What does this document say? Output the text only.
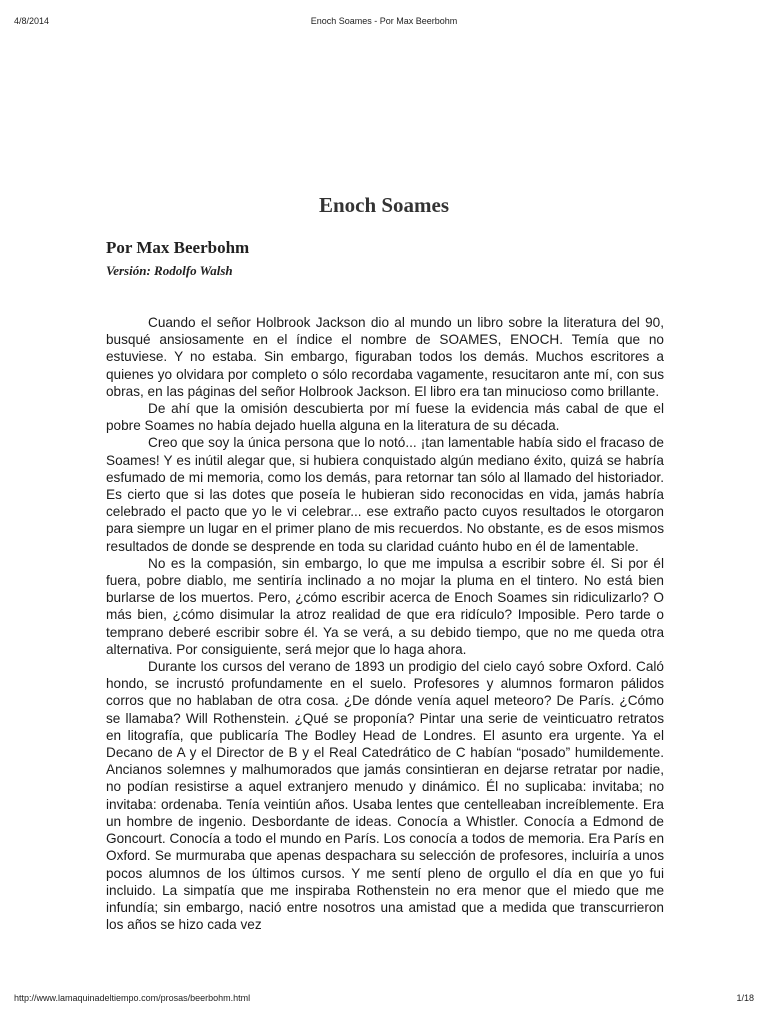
4/8/2014	Enoch Soames - Por Max Beerbohm
Enoch Soames
Por Max Beerbohm
Versión: Rodolfo Walsh

Cuando el señor Holbrook Jackson dio al mundo un libro sobre la literatura del 90, busqué ansiosamente en el índice el nombre de SOAMES, ENOCH. Temía que no estuviese. Y no estaba. Sin embargo, figuraban todos los demás. Muchos escritores a quienes yo olvidara por completo o sólo recordaba vagamente, resucitaron ante mí, con sus obras, en las páginas del señor Holbrook Jackson. El libro era tan minucioso como brillante.

De ahí que la omisión descubierta por mí fuese la evidencia más cabal de que el pobre Soames no había dejado huella alguna en la literatura de su década.

Creo que soy la única persona que lo notó... ¡tan lamentable había sido el fracaso de Soames! Y es inútil alegar que, si hubiera conquistado algún mediano éxito, quizá se habría esfumado de mi memoria, como los demás, para retornar tan sólo al llamado del historiador. Es cierto que si las dotes que poseía le hubieran sido reconocidas en vida, jamás habría celebrado el pacto que yo le vi celebrar... ese extraño pacto cuyos resultados le otorgaron para siempre un lugar en el primer plano de mis recuerdos. No obstante, es de esos mismos resultados de donde se desprende en toda su claridad cuánto hubo en él de lamentable.

No es la compasión, sin embargo, lo que me impulsa a escribir sobre él. Si por él fuera, pobre diablo, me sentiría inclinado a no mojar la pluma en el tintero. No está bien burlarse de los muertos. Pero, ¿cómo escribir acerca de Enoch Soames sin ridiculizarlo? O más bien, ¿cómo disimular la atroz realidad de que era ridículo? Imposible. Pero tarde o temprano deberé escribir sobre él. Ya se verá, a su debido tiempo, que no me queda otra alternativa. Por consiguiente, será mejor que lo haga ahora.

Durante los cursos del verano de 1893 un prodigio del cielo cayó sobre Oxford. Caló hondo, se incrustó profundamente en el suelo. Profesores y alumnos formaron pálidos corros que no hablaban de otra cosa. ¿De dónde venía aquel meteoro? De París. ¿Cómo se llamaba? Will Rothenstein. ¿Qué se proponía? Pintar una serie de veinticuatro retratos en litografía, que publicaría The Bodley Head de Londres. El asunto era urgente. Ya el Decano de A y el Director de B y el Real Catedrático de C habían “posado” humildemente. Ancianos solemnes y malhumorados que jamás consintieran en dejarse retratar por nadie, no podían resistirse a aquel extranjero menudo y dinámico. Él no suplicaba: invitaba; no invitaba: ordenaba. Tenía veintiún años. Usaba lentes que centelleaban increíblemente. Era un hombre de ingenio. Desbordante de ideas. Conocía a Whistler. Conocía a Edmond de Goncourt. Conocía a todo el mundo en París. Los conocía a todos de memoria. Era París en Oxford. Se murmuraba que apenas despachara su selección de profesores, incluiría a unos pocos alumnos de los últimos cursos. Y me sentí pleno de orgullo el día en que yo fui incluido. La simpatía que me inspiraba Rothenstein no era menor que el miedo que me infundía; sin embargo, nació entre nosotros una amistad que a medida que transcurrieron los años se hizo cada vez

http://www.lamaquinadeltiempo.com/prosas/beerbohm.html	1/18
